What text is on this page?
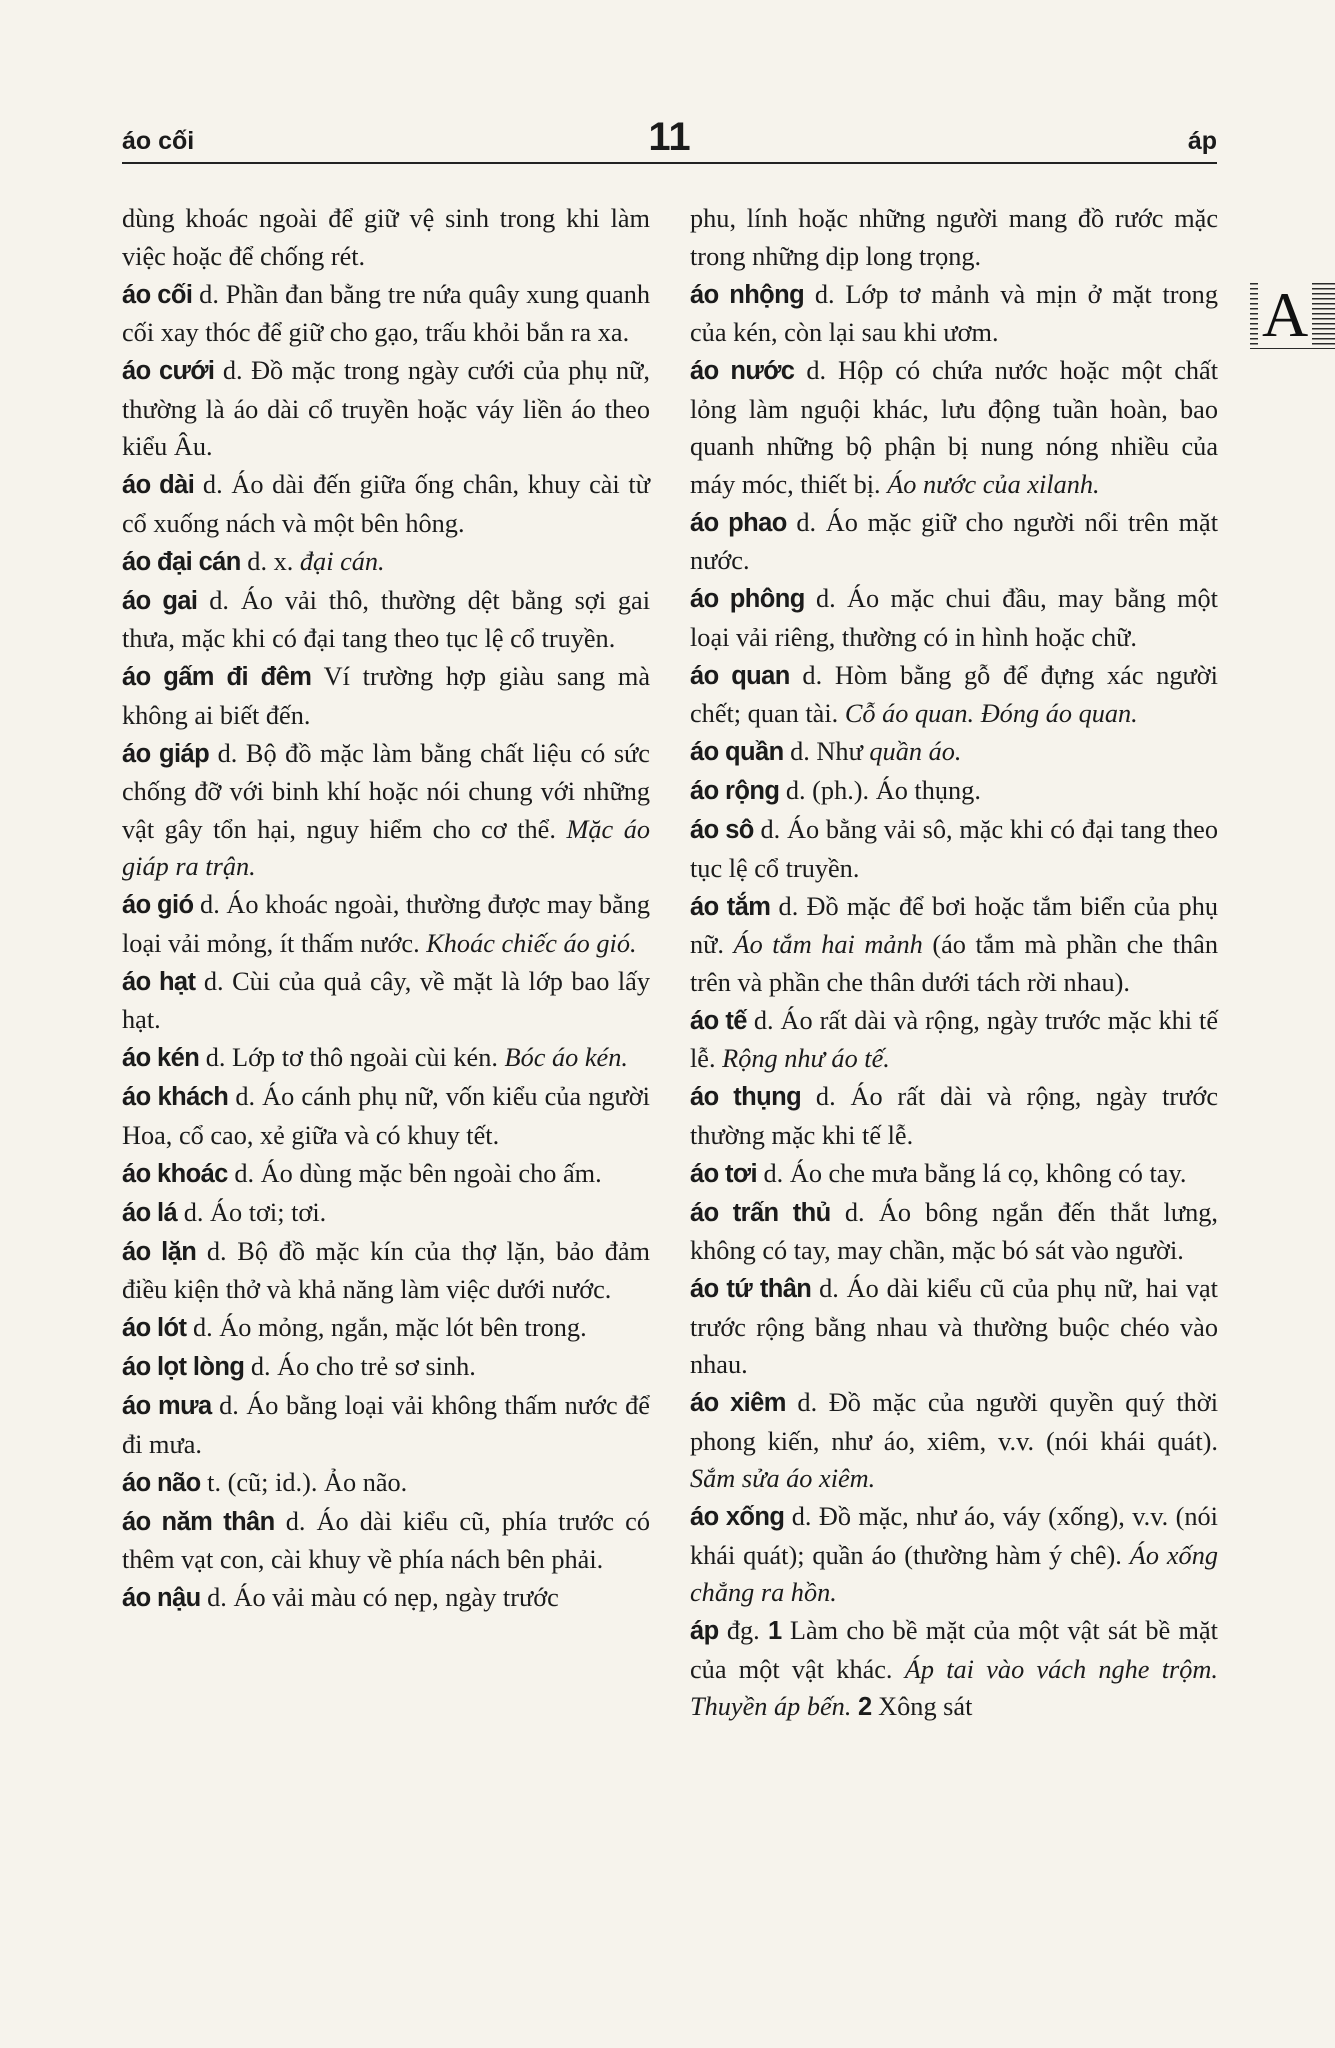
áo cối	11	áp
A
dùng khoác ngoài để giữ vệ sinh trong khi làm việc hoặc để chống rét.
áo cối d. Phần đan bằng tre nứa quây xung quanh cối xay thóc để giữ cho gạo, trấu khỏi bắn ra xa.
áo cưới d. Đồ mặc trong ngày cưới của phụ nữ, thường là áo dài cổ truyền hoặc váy liền áo theo kiểu Âu.
áo dài d. Áo dài đến giữa ống chân, khuy cài từ cổ xuống nách và một bên hông.
áo đại cán d. x. đại cán.
áo gai d. Áo vải thô, thường dệt bằng sợi gai thưa, mặc khi có đại tang theo tục lệ cổ truyền.
áo gấm đi đêm Ví trường hợp giàu sang mà không ai biết đến.
áo giáp d. Bộ đồ mặc làm bằng chất liệu có sức chống đỡ với binh khí hoặc nói chung với những vật gây tổn hại, nguy hiểm cho cơ thể. Mặc áo giáp ra trận.
áo gió d. Áo khoác ngoài, thường được may bằng loại vải mỏng, ít thấm nước. Khoác chiếc áo gió.
áo hạt d. Cùi của quả cây, về mặt là lớp bao lấy hạt.
áo kén d. Lớp tơ thô ngoài cùi kén. Bóc áo kén.
áo khách d. Áo cánh phụ nữ, vốn kiểu của người Hoa, cổ cao, xẻ giữa và có khuy tết.
áo khoác d. Áo dùng mặc bên ngoài cho ấm.
áo lá d. Áo tơi; tơi.
áo lặn d. Bộ đồ mặc kín của thợ lặn, bảo đảm điều kiện thở và khả năng làm việc dưới nước.
áo lót d. Áo mỏng, ngắn, mặc lót bên trong.
áo lọt lòng d. Áo cho trẻ sơ sinh.
áo mưa d. Áo bằng loại vải không thấm nước để đi mưa.
áo não t. (cũ; id.). Ảo não.
áo năm thân d. Áo dài kiểu cũ, phía trước có thêm vạt con, cài khuy về phía nách bên phải.
áo nậu d. Áo vải màu có nẹp, ngày trước
phu, lính hoặc những người mang đồ rước mặc trong những dịp long trọng.
áo nhộng d. Lớp tơ mảnh và mịn ở mặt trong của kén, còn lại sau khi ươm.
áo nước d. Hộp có chứa nước hoặc một chất lỏng làm nguội khác, lưu động tuần hoàn, bao quanh những bộ phận bị nung nóng nhiều của máy móc, thiết bị. Áo nước của xilanh.
áo phao d. Áo mặc giữ cho người nổi trên mặt nước.
áo phông d. Áo mặc chui đầu, may bằng một loại vải riêng, thường có in hình hoặc chữ.
áo quan d. Hòm bằng gỗ để đựng xác người chết; quan tài. Cỗ áo quan. Đóng áo quan.
áo quần d. Như quần áo.
áo rộng d. (ph.). Áo thụng.
áo sô d. Áo bằng vải sô, mặc khi có đại tang theo tục lệ cổ truyền.
áo tắm d. Đồ mặc để bơi hoặc tắm biển của phụ nữ. Áo tắm hai mảnh (áo tắm mà phần che thân trên và phần che thân dưới tách rời nhau).
áo tế d. Áo rất dài và rộng, ngày trước mặc khi tế lễ. Rộng như áo tế.
áo thụng d. Áo rất dài và rộng, ngày trước thường mặc khi tế lễ.
áo tơi d. Áo che mưa bằng lá cọ, không có tay.
áo trấn thủ d. Áo bông ngắn đến thắt lưng, không có tay, may chần, mặc bó sát vào người.
áo tứ thân d. Áo dài kiểu cũ của phụ nữ, hai vạt trước rộng bằng nhau và thường buộc chéo vào nhau.
áo xiêm d. Đồ mặc của người quyền quý thời phong kiến, như áo, xiêm, v.v. (nói khái quát). Sắm sửa áo xiêm.
áo xống d. Đồ mặc, như áo, váy (xống), v.v. (nói khái quát); quần áo (thường hàm ý chê). Áo xống chẳng ra hồn.
áp đg. 1 Làm cho bề mặt của một vật sát bề mặt của một vật khác. Áp tai vào vách nghe trộm. Thuyền áp bến. 2 Xông sát
